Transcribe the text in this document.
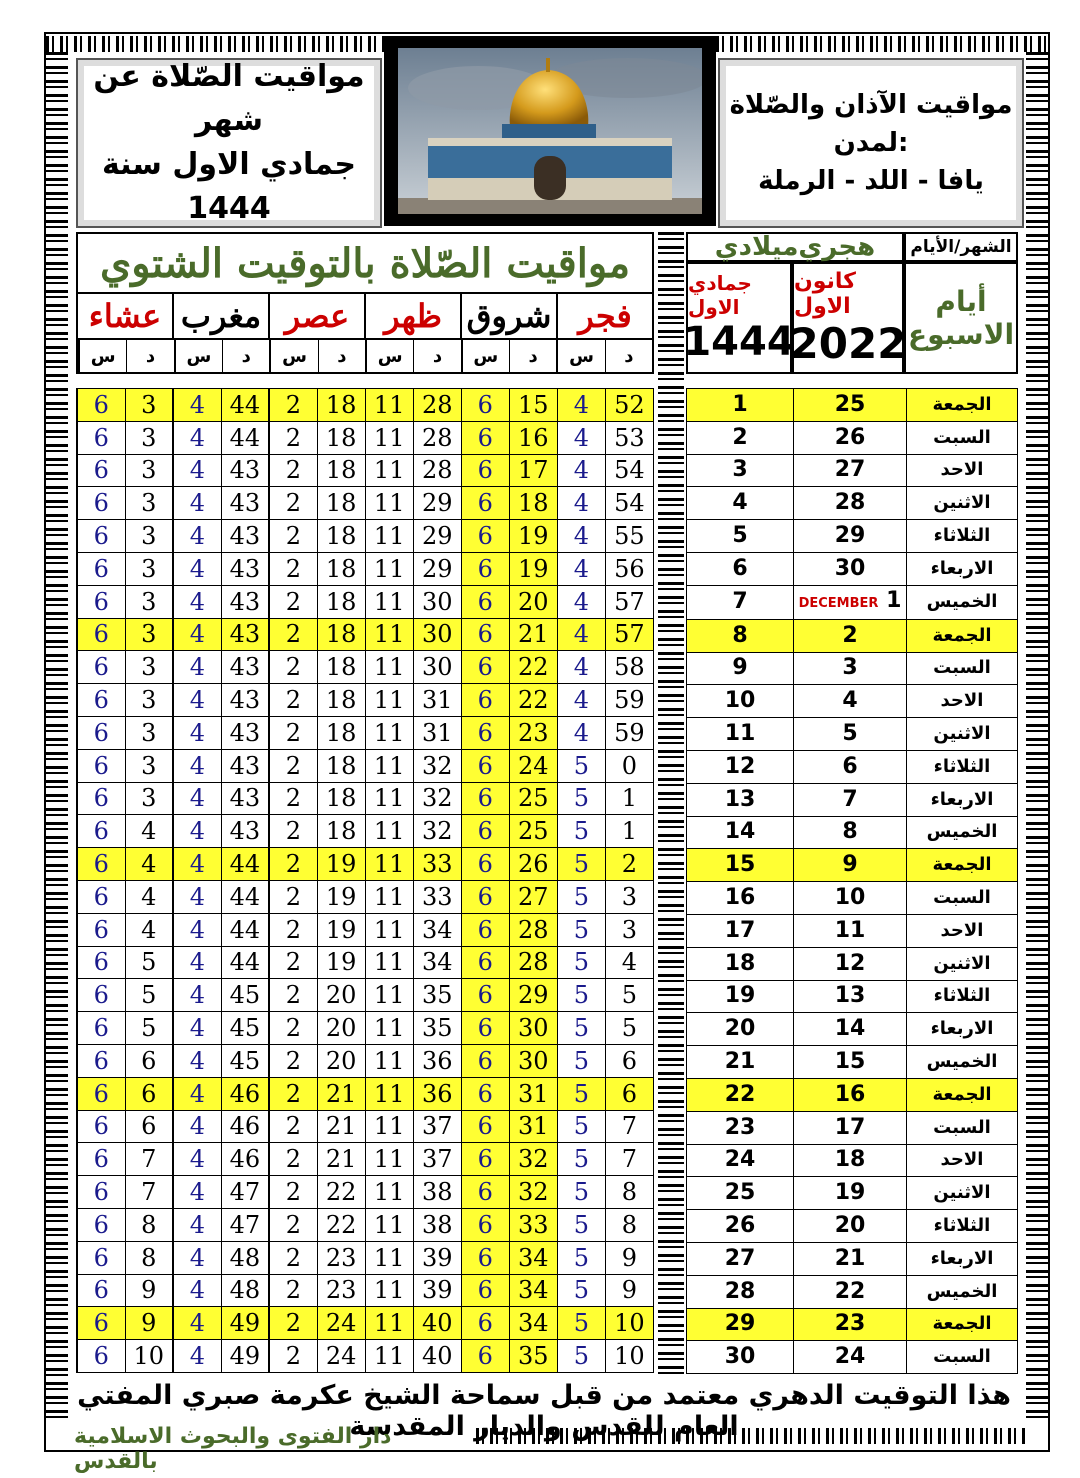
مواقيت الصّلاة عن شهر
جمادي الاول سنة 1444
مواقيت الآذان والصّلاة
لمدن:
يافا - اللد - الرملة
مواقيت الصّلاة بالتوقيت الشتوي
فجر
شروق
ظهر
عصر
مغرب
عشاء
د
س
د
س
د
س
د
س
د
س
د
س
الأيام / الشهر
ميلادي هجري
جمادي الاول
1444
كانون الاول
2022
أيام الاسبوع
6	3	4	44	2	18	11	28	6	15	4	52
6	3	4	44	2	18	11	28	6	16	4	53
6	3	4	43	2	18	11	28	6	17	4	54
6	3	4	43	2	18	11	29	6	18	4	54
6	3	4	43	2	18	11	29	6	19	4	55
6	3	4	43	2	18	11	29	6	19	4	56
6	3	4	43	2	18	11	30	6	20	4	57
6	3	4	43	2	18	11	30	6	21	4	57
6	3	4	43	2	18	11	30	6	22	4	58
6	3	4	43	2	18	11	31	6	22	4	59
6	3	4	43	2	18	11	31	6	23	4	59
6	3	4	43	2	18	11	32	6	24	5	0
6	3	4	43	2	18	11	32	6	25	5	1
6	4	4	43	2	18	11	32	6	25	5	1
6	4	4	44	2	19	11	33	6	26	5	2
6	4	4	44	2	19	11	33	6	27	5	3
6	4	4	44	2	19	11	34	6	28	5	3
6	5	4	44	2	19	11	34	6	28	5	4
6	5	4	45	2	20	11	35	6	29	5	5
6	5	4	45	2	20	11	35	6	30	5	5
6	6	4	45	2	20	11	36	6	30	5	6
6	6	4	46	2	21	11	36	6	31	5	6
6	6	4	46	2	21	11	37	6	31	5	7
6	7	4	46	2	21	11	37	6	32	5	7
6	7	4	47	2	22	11	38	6	32	5	8
6	8	4	47	2	22	11	38	6	33	5	8
6	8	4	48	2	23	11	39	6	34	5	9
6	9	4	48	2	23	11	39	6	34	5	9
6	9	4	49	2	24	11	40	6	34	5	10
6	10	4	49	2	24	11	40	6	35	5	10
1	25	الجمعة
2	26	السبت
3	27	الاحد
4	28	الاثنين
5	29	الثلاثاء
6	30	الاربعاء
7	DECEMBER 1	الخميس
8	2	الجمعة
9	3	السبت
10	4	الاحد
11	5	الاثنين
12	6	الثلاثاء
13	7	الاربعاء
14	8	الخميس
15	9	الجمعة
16	10	السبت
17	11	الاحد
18	12	الاثنين
19	13	الثلاثاء
20	14	الاربعاء
21	15	الخميس
22	16	الجمعة
23	17	السبت
24	18	الاحد
25	19	الاثنين
26	20	الثلاثاء
27	21	الاربعاء
28	22	الخميس
29	23	الجمعة
30	24	السبت
هذا التوقيت الدهري معتمد من قبل سماحة الشيخ عكرمة صبري المفتي العام للقدس والديار المقدسة
دار الفتوى والبحوث الاسلامية بالقدس
